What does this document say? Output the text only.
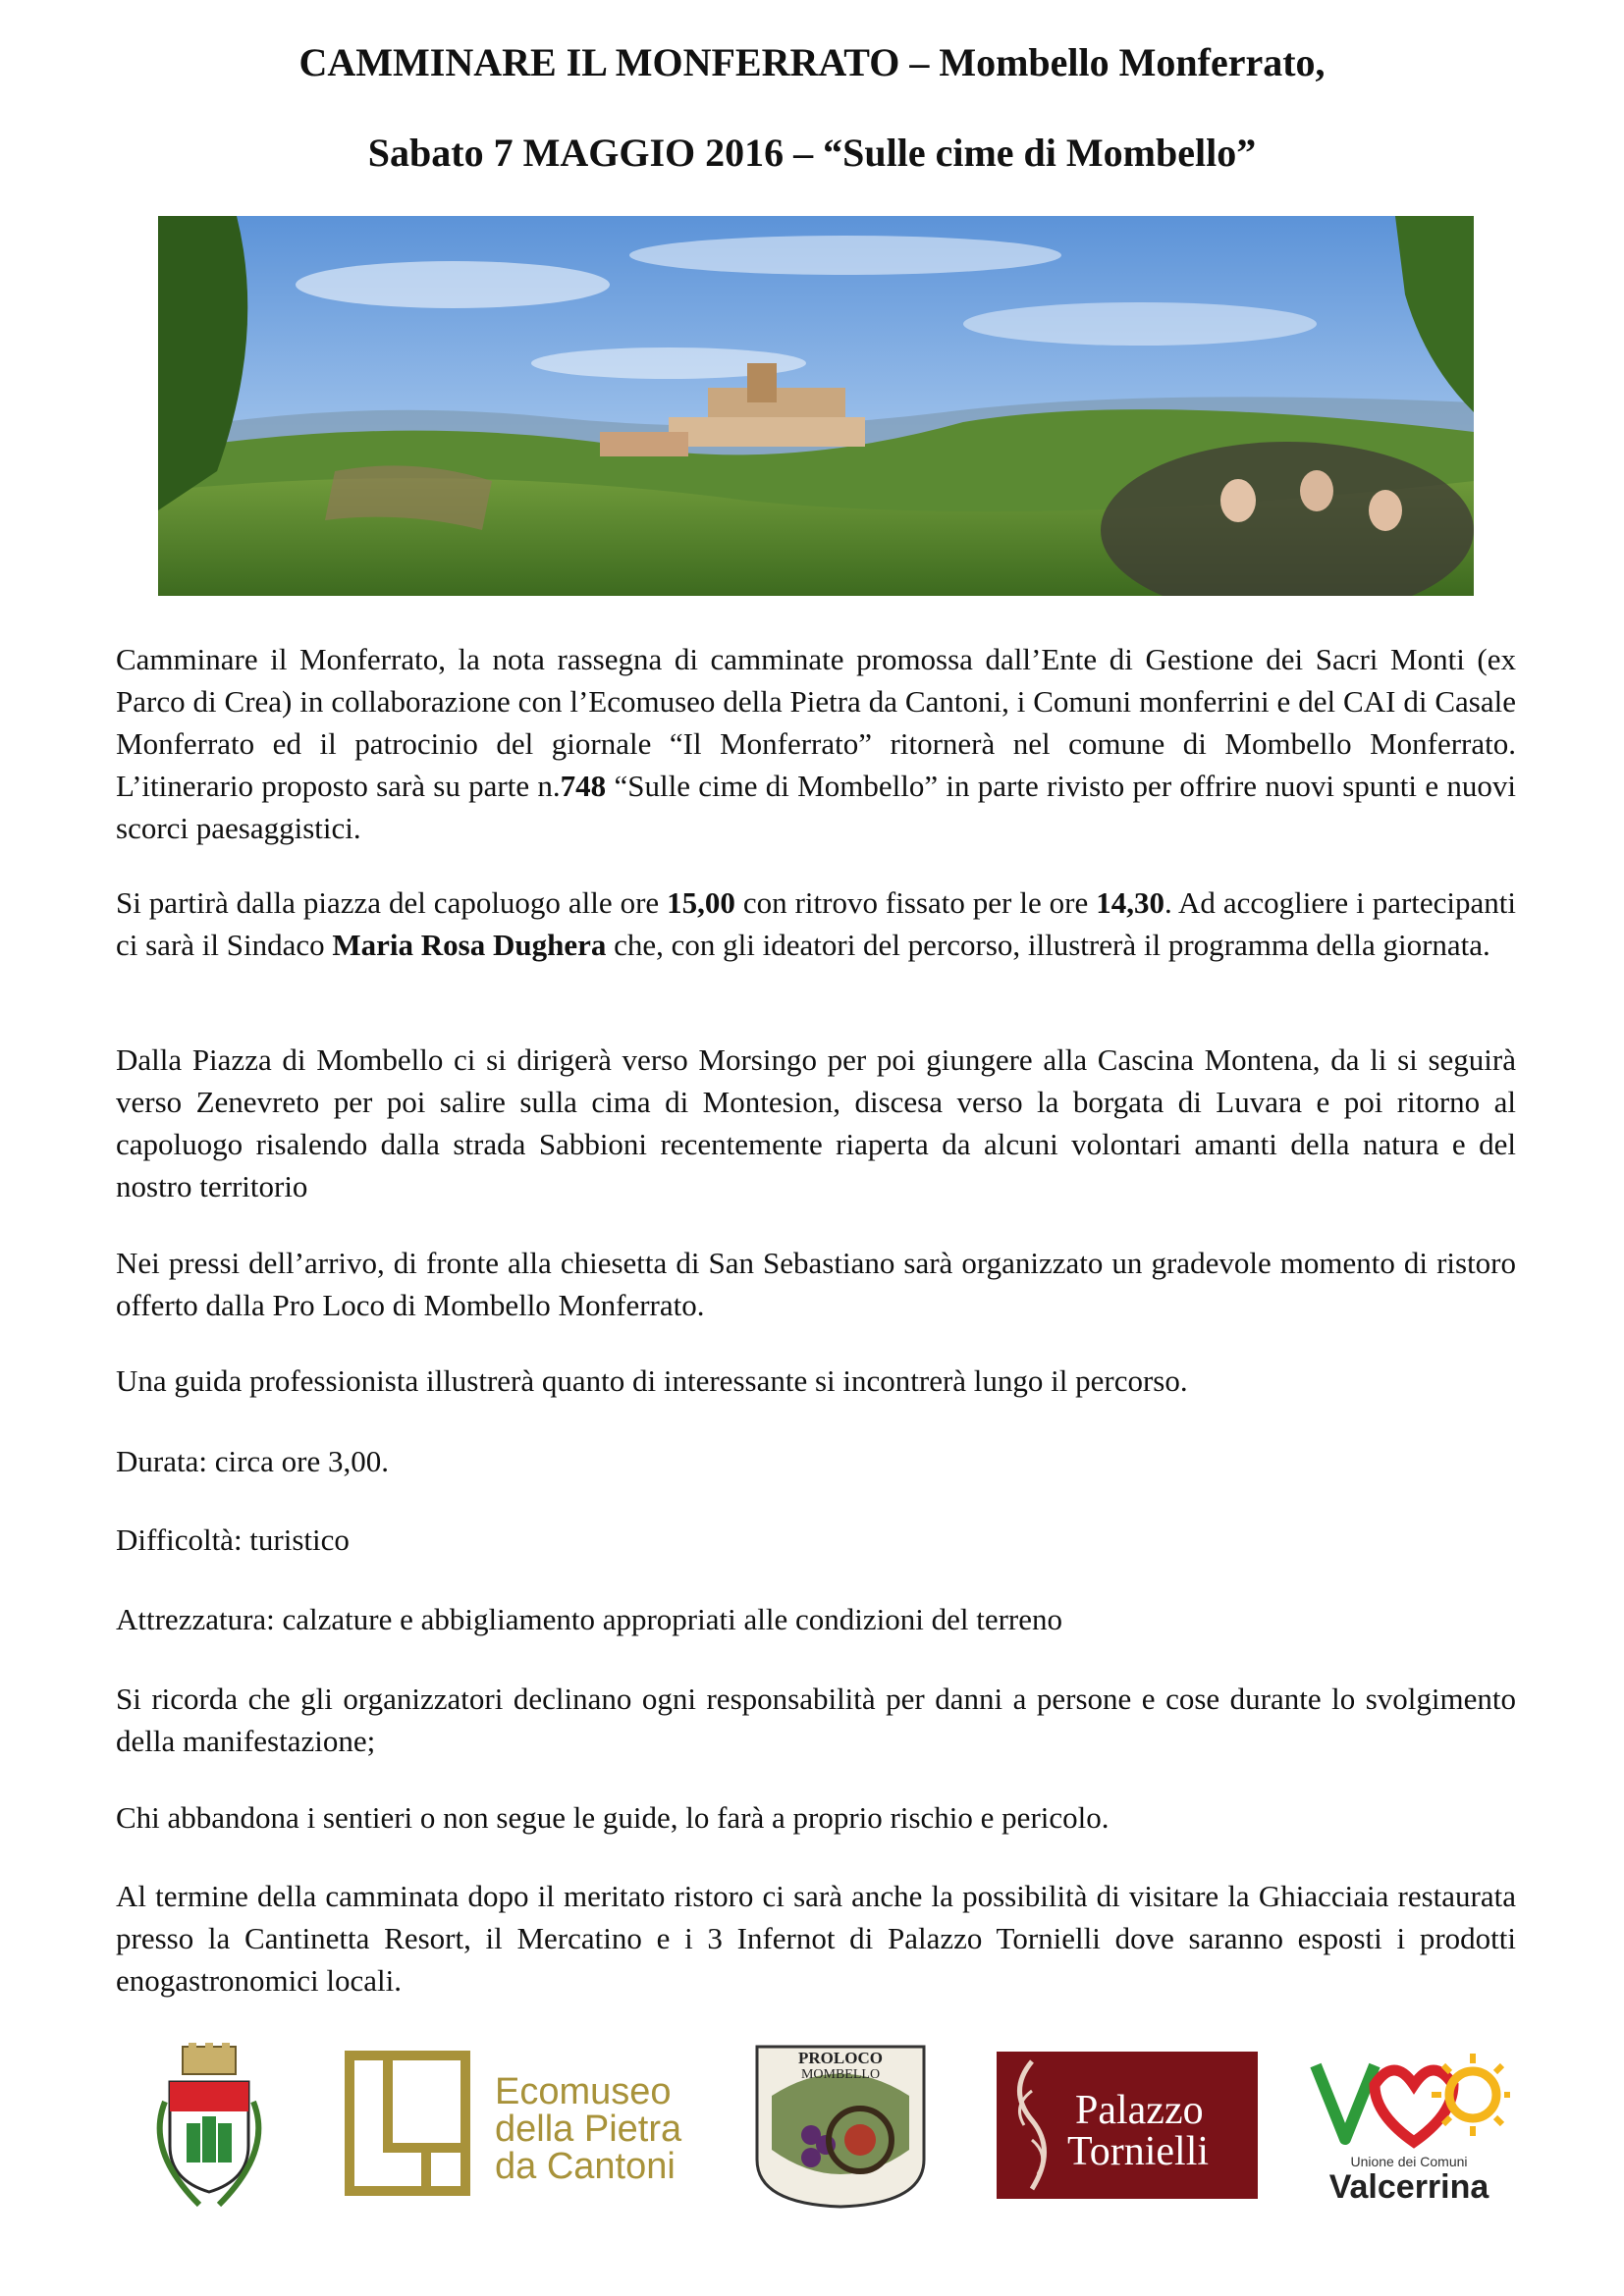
CAMMINARE IL MONFERRATO – Mombello Monferrato,
Sabato 7 MAGGIO 2016 – “Sulle cime di Mombello”

Camminare il Monferrato, la nota rassegna di camminate promossa dall’Ente di Gestione dei Sacri Monti (ex Parco di Crea) in collaborazione con l’Ecomuseo della Pietra da Cantoni, i Comuni monferrini e del CAI di Casale Monferrato ed il patrocinio del giornale “Il Monferrato” ritornerà nel comune di Mombello Monferrato. L’itinerario proposto sarà su parte n.748 “Sulle cime di Mombello” in parte rivisto per offrire nuovi spunti e nuovi scorci paesaggistici.

Si partirà dalla piazza del capoluogo alle ore 15,00 con ritrovo fissato per le ore 14,30. Ad accogliere i partecipanti ci sarà il Sindaco Maria Rosa Dughera che, con gli ideatori del percorso, illustrerà il programma della giornata.

Dalla Piazza di Mombello ci si dirigerà verso Morsingo per poi giungere alla Cascina Montena, da li si seguirà verso Zenevreto per poi salire sulla cima di Montesion, discesa verso la borgata di Luvara e poi ritorno al capoluogo risalendo dalla strada Sabbioni recentemente riaperta da alcuni volontari amanti della natura e del nostro territorio

Nei pressi dell’arrivo, di fronte alla chiesetta di San Sebastiano sarà organizzato un gradevole momento di ristoro offerto dalla Pro Loco di Mombello Monferrato.

Una guida professionista illustrerà quanto di interessante si incontrerà lungo il percorso.

Durata: circa ore 3,00.

Difficoltà: turistico

Attrezzatura: calzature e abbigliamento appropriati alle condizioni del terreno

Si ricorda che gli organizzatori declinano ogni responsabilità per danni a persone e cose durante lo svolgimento della manifestazione;

Chi abbandona i sentieri o non segue le guide, lo farà a proprio rischio e pericolo.

Al termine della camminata dopo il meritato ristoro ci sarà anche la possibilità di visitare la Ghiacciaia restaurata presso la Cantinetta Resort, il Mercatino e i 3 Infernot di Palazzo Tornielli dove saranno esposti i prodotti enogastronomici locali.

Ecomuseo
della Pietra
da Cantoni
PROLOCO
MOMBELLO
Palazzo
Tornielli	Unione dei Comuni
Valcerrina
